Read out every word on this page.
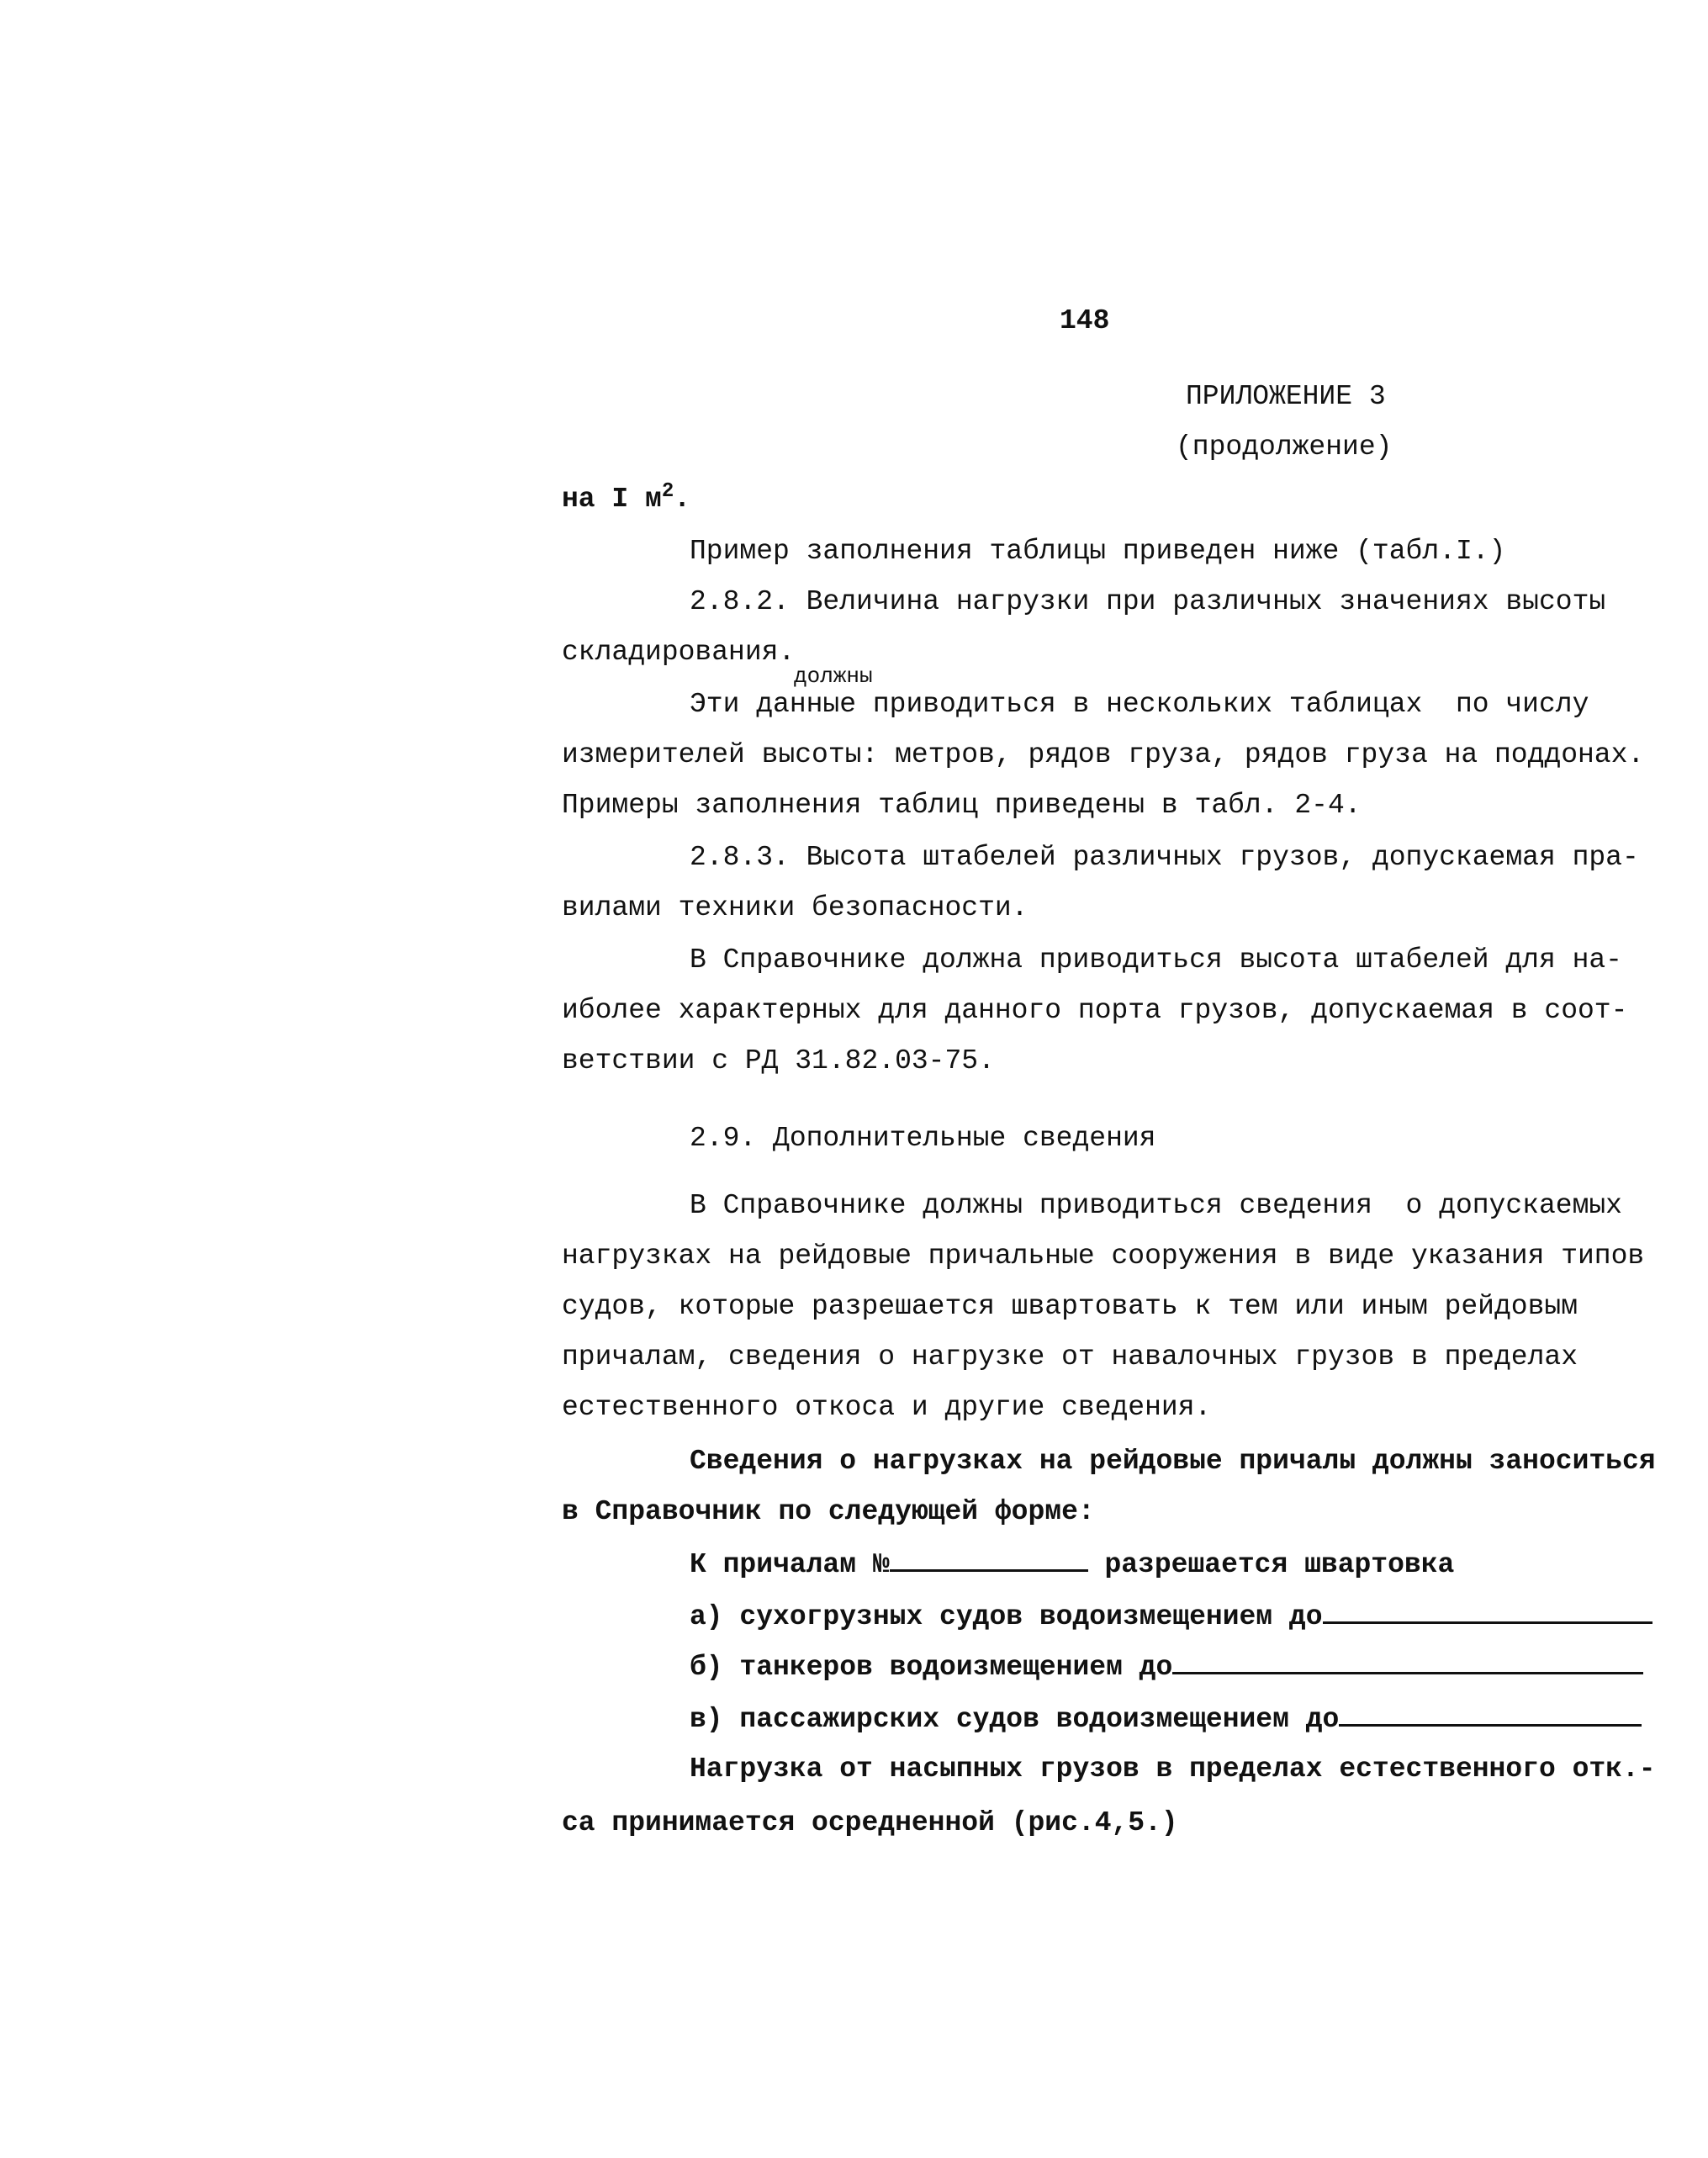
148
ПРИЛОЖЕНИЕ 3
(продолжение)
на I $м^2$.
Пример заполнения таблицы приведен ниже (табл.I.)
2.8.2. Величина нагрузки при различных значениях высоты
складирования.
должны
Эти данные приводиться в нескольких таблицах  по числу
измерителей высоты: метров, рядов груза, рядов груза на поддонах.
Примеры заполнения таблиц приведены в табл. 2-4.
2.8.3. Высота штабелей различных грузов, допускаемая пра-
вилами техники безопасности.
В Справочнике должна приводиться высота штабелей для на-
иболее характерных для данного порта грузов, допускаемая в соот-
ветствии с РД 31.82.03-75.
2.9. Дополнительные сведения
В Справочнике должны приводиться сведения  о допускаемых
нагрузках на рейдовые причальные сооружения в виде указания типов
судов, которые разрешается швартовать к тем или иным рейдовым
причалам, сведения о нагрузке от навалочных грузов в пределах
естественного откоса и другие сведения.
Сведения о нагрузках на рейдовые причалы должны заноситься
в Справочник по следующей форме:
К причалам №	разрешается швартовка
а) сухогрузных судов водоизмещением до
б) танкеров водоизмещением до
в) пассажирских судов водоизмещением до
Нагрузка от насыпных грузов в пределах естественного отк.-
са принимается осредненной (рис.4,5.)
